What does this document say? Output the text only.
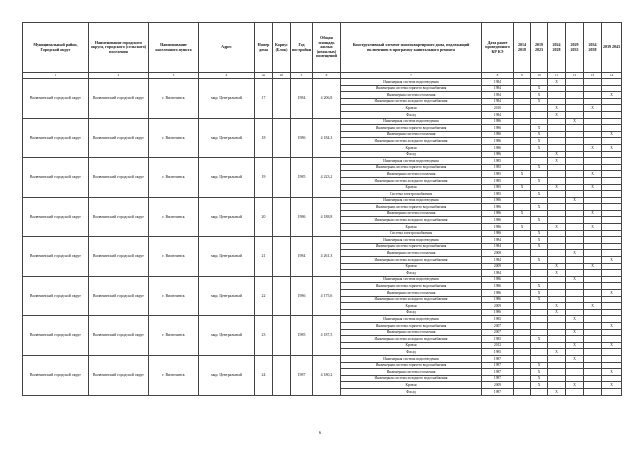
Муниципальный район, Городской округ	Наименование городского округа, городского (сельского) поселения	Наименование населенного пункта	Адрес	Номер дома	Корпус (Блок)	Год постройки	Общая площадь жилых (нежилых) помещений	Конструктивный элемент многоквартирного дома, подлежащий включению в программу капитального ремонта	Дата ранее проведенного КР КЭ	2014 2018	2019 2023	2024 2028	2029 2033	2034 2038	2039 2043
1	2	3	4	4а	4б	5	6	7	8	9	10	11	12	13	14
Вилючинский городской округ	Вилючинский городской округ	г. Вилючинск	мкр. Центральный	17		1984	4 206,8	Инженерная система водоотведения	1984			X			
								Инженерная система горячего водоснабжения	1984		X				
								Инженерная система отопления	1984		X				X
								Инженерная система холодного водоснабжения	1984		X				
								Кровля	2010			X		X	
								Фасад	1984			X			
Вилючинский городской округ	Вилючинский городской округ	г. Вилючинск	мкр. Центральный	18		1986	4 184,3	Инженерная система водоотведения	1986				X		
								Инженерная система горячего водоснабжения	1986		X				
								Инженерная система отопления	1986		X				X
								Инженерная система холодного водоснабжения	1986		X				
								Кровля	1986		X			X	X
								Фасад	1986			X			
Вилючинский городской округ	Вилючинский городской округ	г. Вилючинск	мкр. Центральный	19		1985	4 223,2	Инженерная система водоотведения	1985			X			
								Инженерная система горячего водоснабжения	1985		X				
								Инженерная система отопления	1985	X				X	
								Инженерная система холодного водоснабжения	1985		X				
								Кровля	1985	X		X		X	
								Система электроснабжения	1985		X				
Вилючинский городской округ	Вилючинский городской округ	г. Вилючинск	мкр. Центральный	20		1986	4 188,8	Инженерная система водоотведения	1986				X		
								Инженерная система горячего водоснабжения	1986		X				
								Инженерная система отопления	1986	X				X	
								Инженерная система холодного водоснабжения	1986		X				
								Кровля	1986	X		X		X	
								Система электроснабжения	1986		X				
Вилючинский городской округ	Вилючинский городской округ	г. Вилючинск	мкр. Центральный	21		1984	4 261,3	Инженерная система водоотведения	1984		X				
								Инженерная система горячего водоснабжения	1984		X				
								Инженерная система отопления	2008				X		
								Инженерная система холодного водоснабжения	1984		X				X
								Кровля	2009			X		X	
								Фасад	1984			X			
Вилючинский городской округ	Вилючинский городской округ	г. Вилючинск	мкр. Центральный	22		1986	4 175,6	Инженерная система водоотведения	1986				X		
								Инженерная система горячего водоснабжения	1986		X				
								Инженерная система отопления	1986		X				X
								Инженерная система холодного водоснабжения	1986		X				
								Кровля	2009			X		X	
								Фасад	1986			X			
Вилючинский городской округ	Вилючинский городской округ	г. Вилючинск	мкр. Центральный	23		1985	4 187,5	Инженерная система водоотведения	1985				X		
								Инженерная система горячего водоснабжения	2007						X
								Инженерная система отопления	2007				X		
								Инженерная система холодного водоснабжения	1985		X				
								Кровля	2012				X		X
								Фасад	1985			X			
Вилючинский городской округ	Вилючинский городской округ	г. Вилючинск	мкр. Центральный	24		1987	4 180,2	Инженерная система водоотведения	1987				X		
								Инженерная система горячего водоснабжения	1987		X				
								Инженерная система отопления	1987		X				X
								Инженерная система холодного водоснабжения	1987		X				
								Кровля	2009		X		X		X
								Фасад	1987			X			
6
